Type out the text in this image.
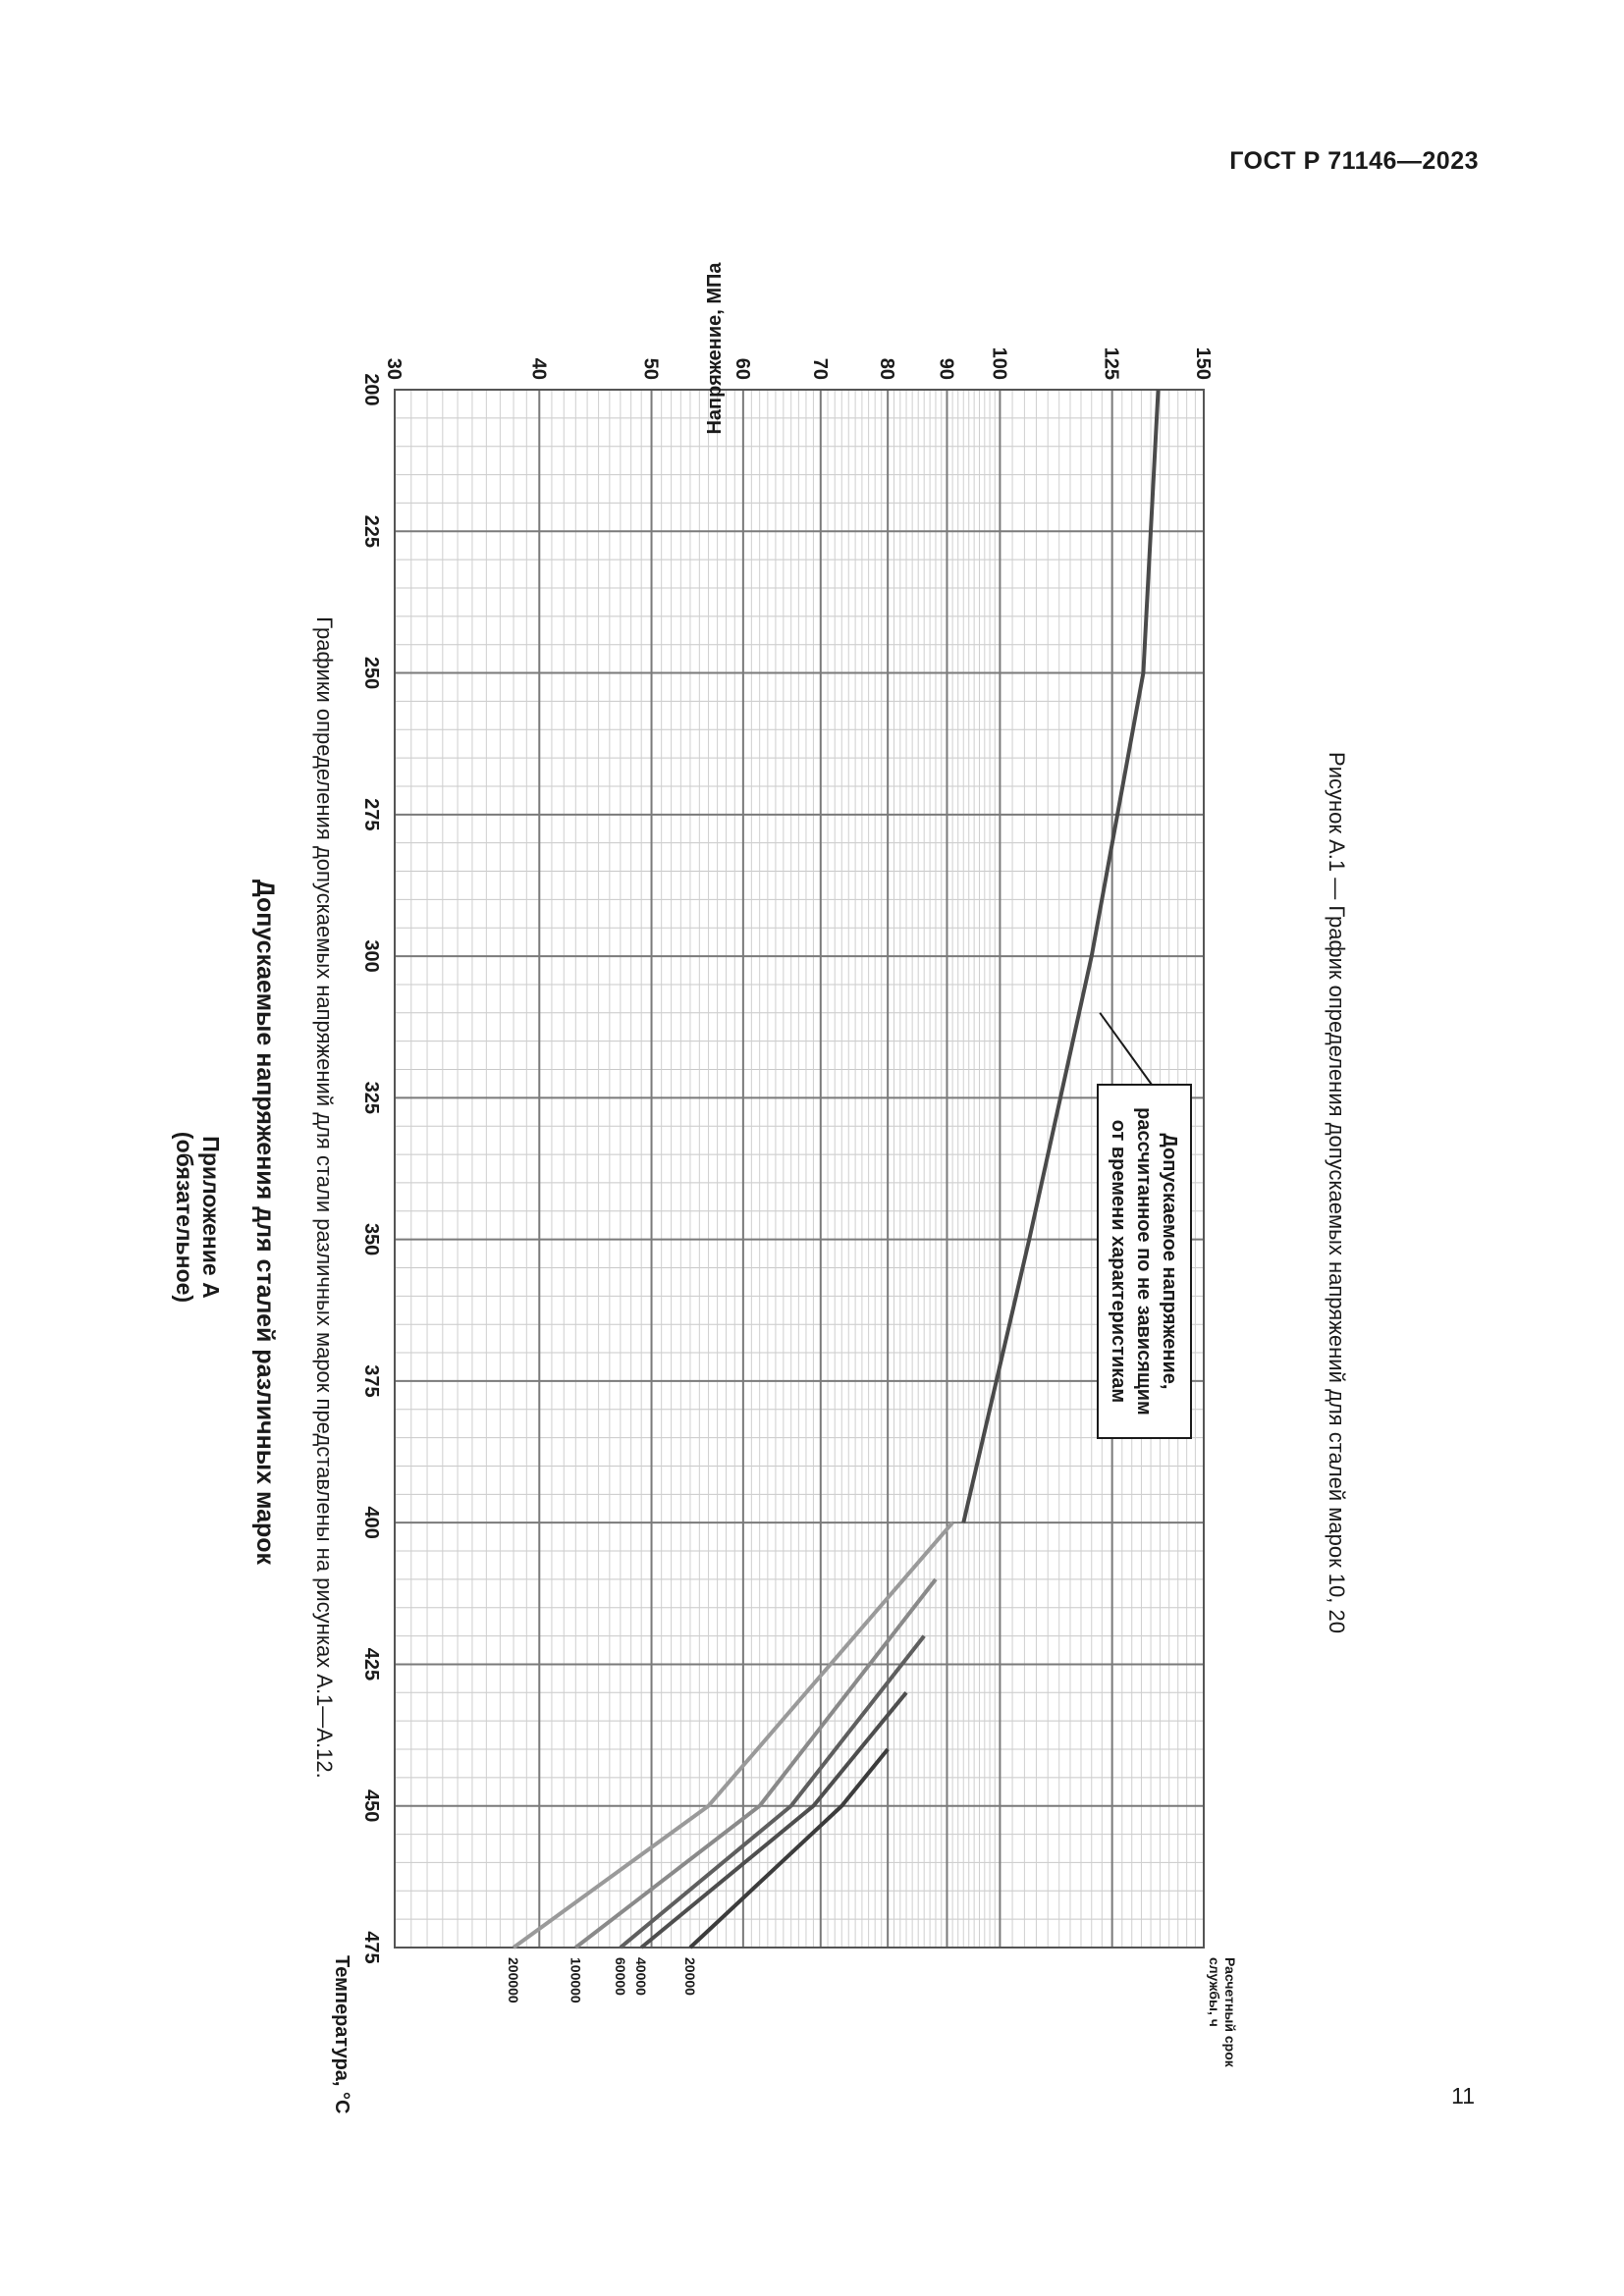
ГОСТ Р 71146—2023
Приложение А
(обязательное) Допускаемые напряжения для сталей различных марок Графики определения допускаемых напряжений для стали различных марок представлены на рисунках А.1—А.12.
200
225
250
275
300
325
350
375
400
425
450
475
30	40	50	60	70 80 90 100	125	150
Расчетный срокслужбы, ч
20000
40000
60000
100000
200000
Температура, °C
Напряжение, МПа
Допускаемое напряжение,
рассчитанное по не зависящим
от времени характеристикам	Рисунок А.1 — График определения допускаемых напряжений для сталей марок 10, 20
11
